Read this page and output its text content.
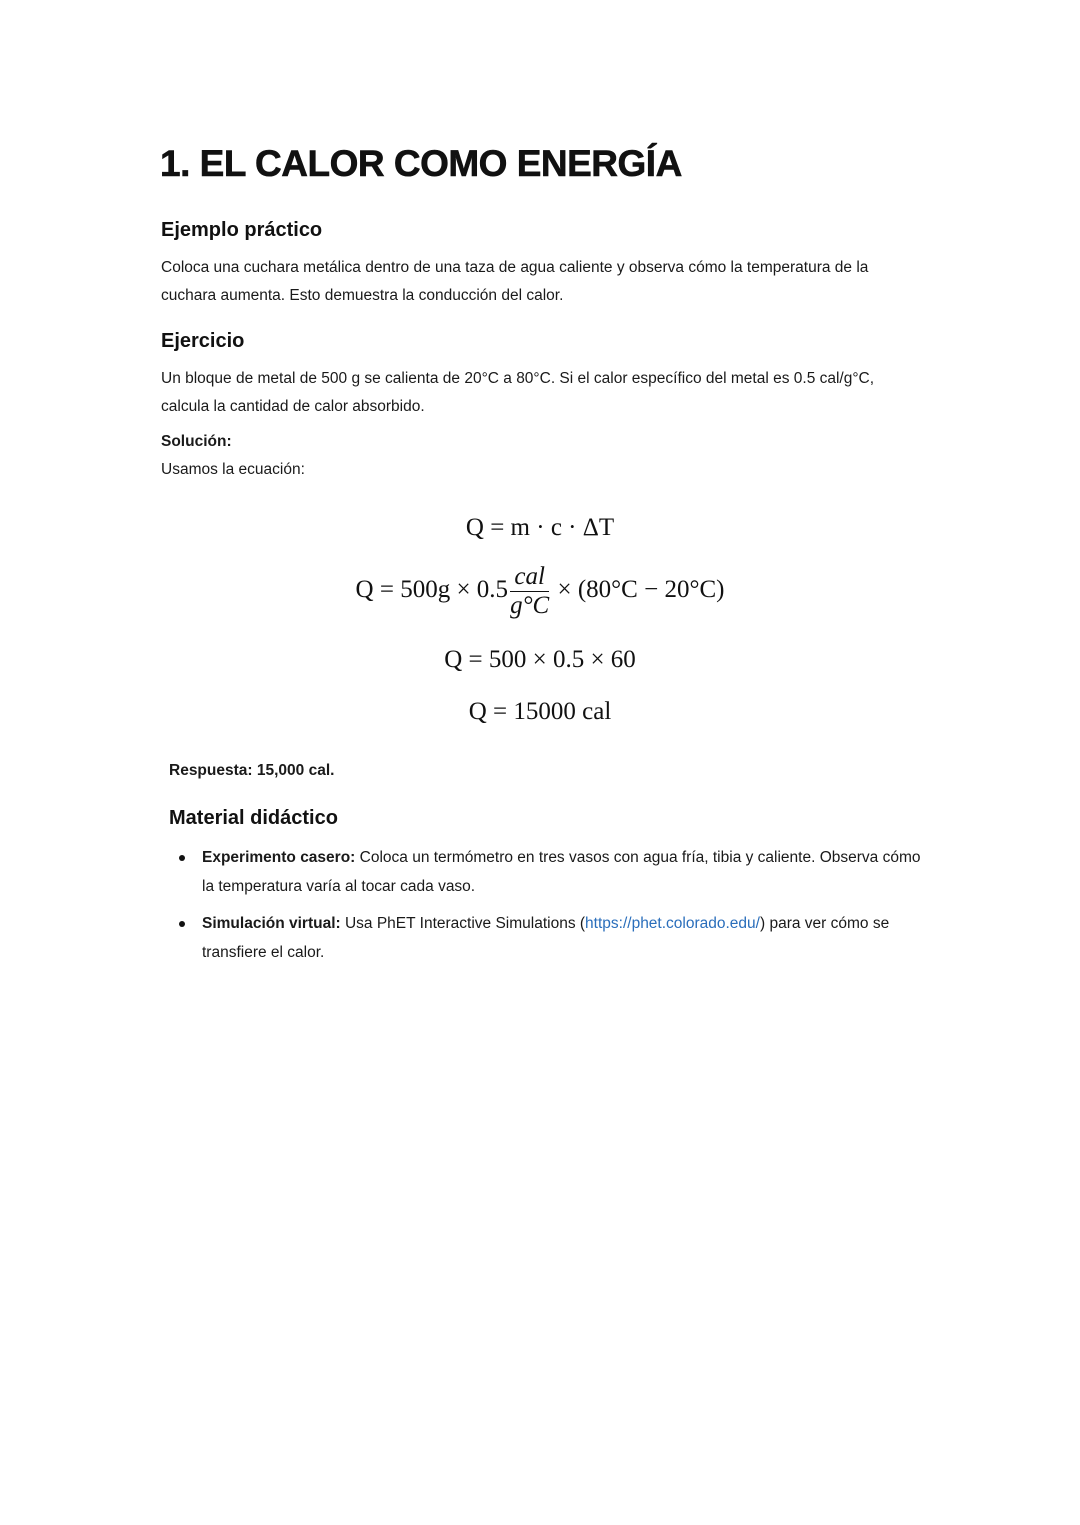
1. EL CALOR COMO ENERGÍA
Ejemplo práctico
Coloca una cuchara metálica dentro de una taza de agua caliente y observa cómo la temperatura de la cuchara aumenta. Esto demuestra la conducción del calor.
Ejercicio
Un bloque de metal de 500 g se calienta de 20°C a 80°C. Si el calor específico del metal es 0.5 cal/g°C, calcula la cantidad de calor absorbido.
Solución:
Usamos la ecuación:
Q = m · c · ΔT
$Q = 500g \times 0.5 \frac{\text{cal}}{g^\circ C} \times (80^\circ C - 20^\circ C)$
Q = 500 × 0.5 × 60
Q = 15000 cal
Respuesta: 15,000 cal.
Material didáctico
Experimento casero: Coloca un termómetro en tres vasos con agua fría, tibia y caliente. Observa cómo la temperatura varía al tocar cada vaso.
Simulación virtual: Usa PhET Interactive Simulations (https://phet.colorado.edu/) para ver cómo se transfiere el calor.
